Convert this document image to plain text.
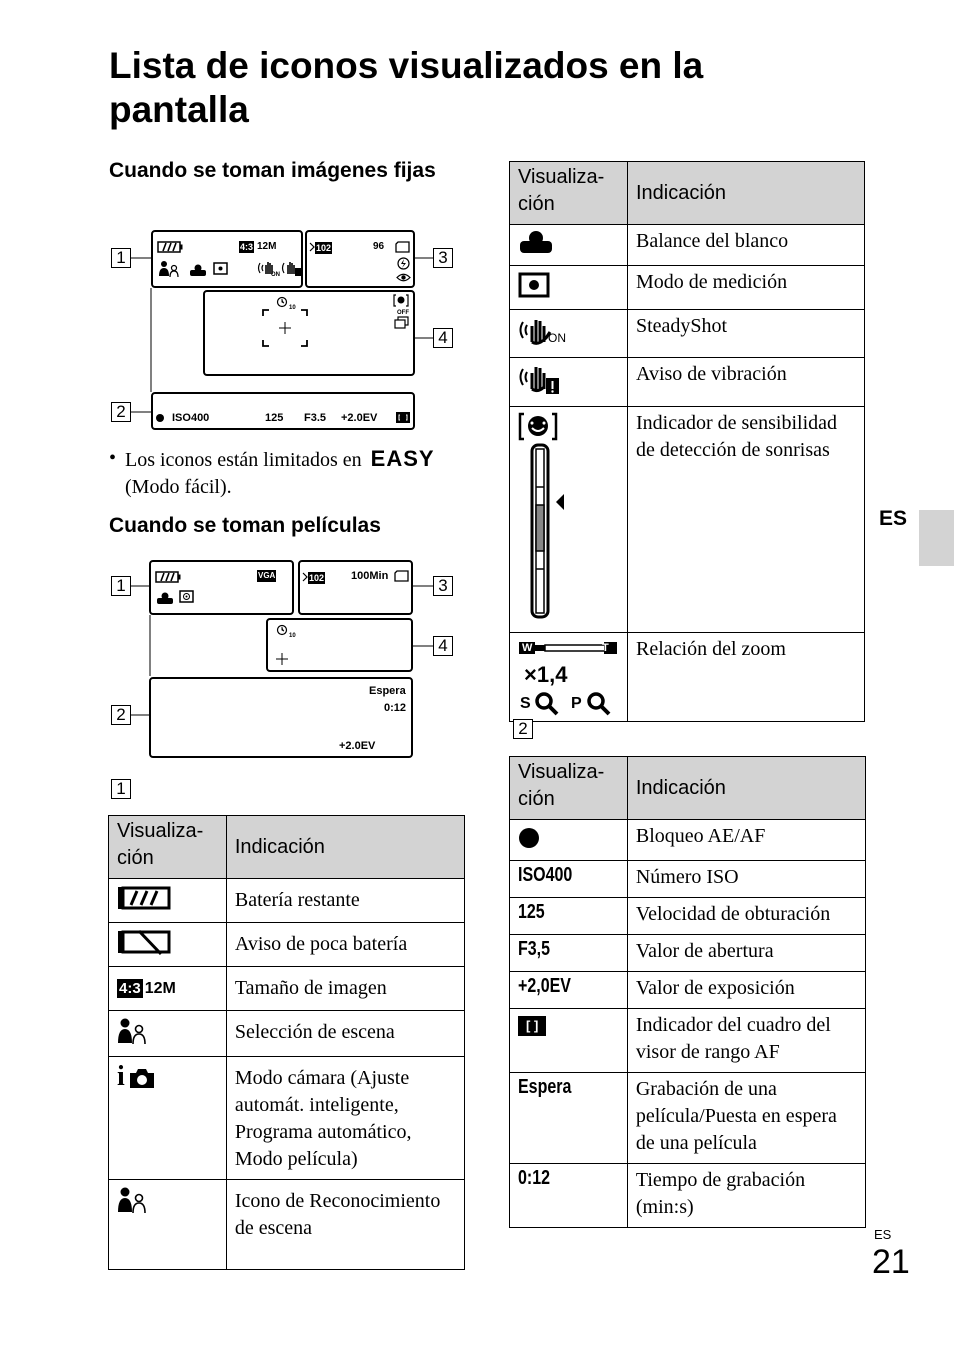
Lista de iconos visualizados en la pantalla
ES
Cuando se toman imágenes fijas
1
2
3
4
4:3 12M
ON
102	96
10
OFF
ISO400	125 F3.5 +2.0EV
• Los iconos están limitados en EASY
(Modo fácil).
Cuando se toman películas
1
2
3
4
VGA	102 100Min
10
Espera
0:12
+2.0EV
1
Visualiza-
ción	Indicación
	Batería restante
	Aviso de poca batería
4:3 12M	Tamaño de imagen
	Selección de escena
i	Modo cámara (Ajuste automát. inteligente, Programa automático, Modo película)
	Icono de Reconocimiento de escena
Visualiza-
ción	Indicación
	Balance del blanco
	Modo de medición

ON	SteadyShot
	Aviso de vibración
	Indicador de sensibilidad de detección de sonrisas

W T
×1,4
S P	Relación del zoom
2
Visualiza-
ción	Indicación
	Bloqueo AE/AF
ISO400	Número ISO
125	Velocidad de obturación
F3,5	Valor de abertura
+2,0EV	Valor de exposición
[ ]	Indicador del cuadro del visor de rango AF
Espera	Grabación de una película/Puesta en espera de una película
0:12	Tiempo de grabación (min:s)
ES
21
